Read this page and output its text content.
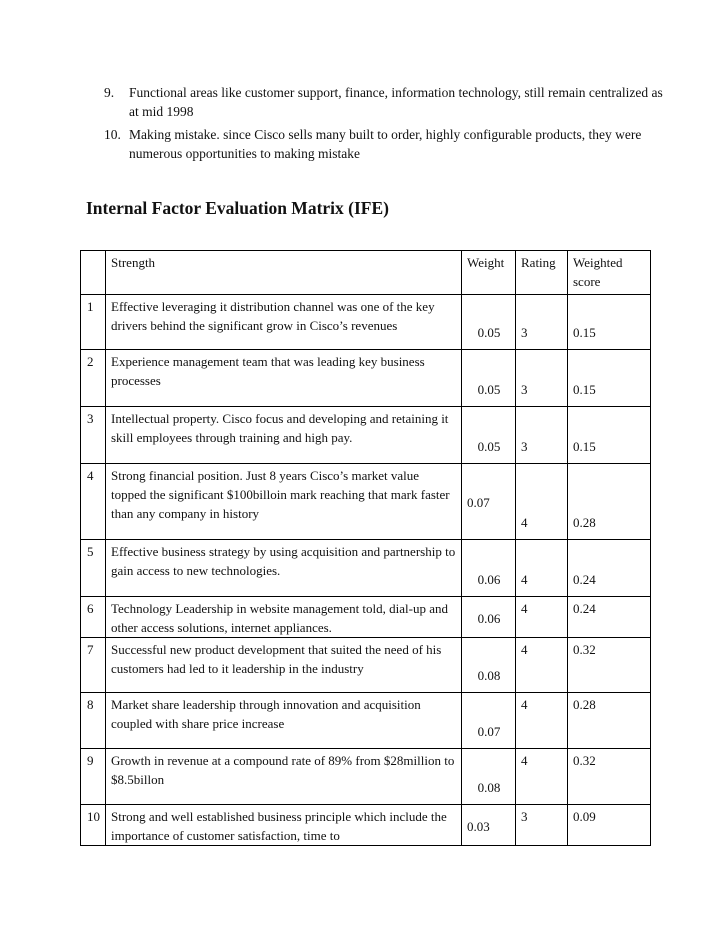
9. Functional areas like customer support, finance, information technology, still remain centralized as at mid 1998
10. Making mistake. since Cisco sells many built to order, highly configurable products, they were numerous opportunities to making mistake
Internal Factor Evaluation Matrix (IFE)
	Strength	Weight	Rating	Weighted score
1	Effective leveraging it distribution channel was one of the key drivers behind the significant grow in Cisco’s revenues	0.05	3	0.15
2	Experience management team that was leading key business processes	0.05	3	0.15
3	Intellectual property. Cisco focus and developing and retaining it skill employees through training and high pay.	0.05	3	0.15
4	Strong financial position. Just 8 years Cisco’s market value topped the significant $100billoin mark reaching that mark faster than any company in history	0.07	4	0.28
5	Effective business strategy by using acquisition and partnership to gain access to new technologies.	0.06	4	0.24
6	Technology Leadership in website management told, dial-up and other access solutions, internet appliances.	0.06	4	0.24
7	Successful new product development that suited the need of his customers had led to it leadership in the industry	0.08	4	0.32
8	Market share leadership through innovation and acquisition coupled with share price increase	0.07	4	0.28
9	Growth in revenue at a compound rate of 89% from $28million to $8.5billon	0.08	4	0.32
10	Strong and well established business principle which include the importance of customer satisfaction, time to	0.03	3	0.09
